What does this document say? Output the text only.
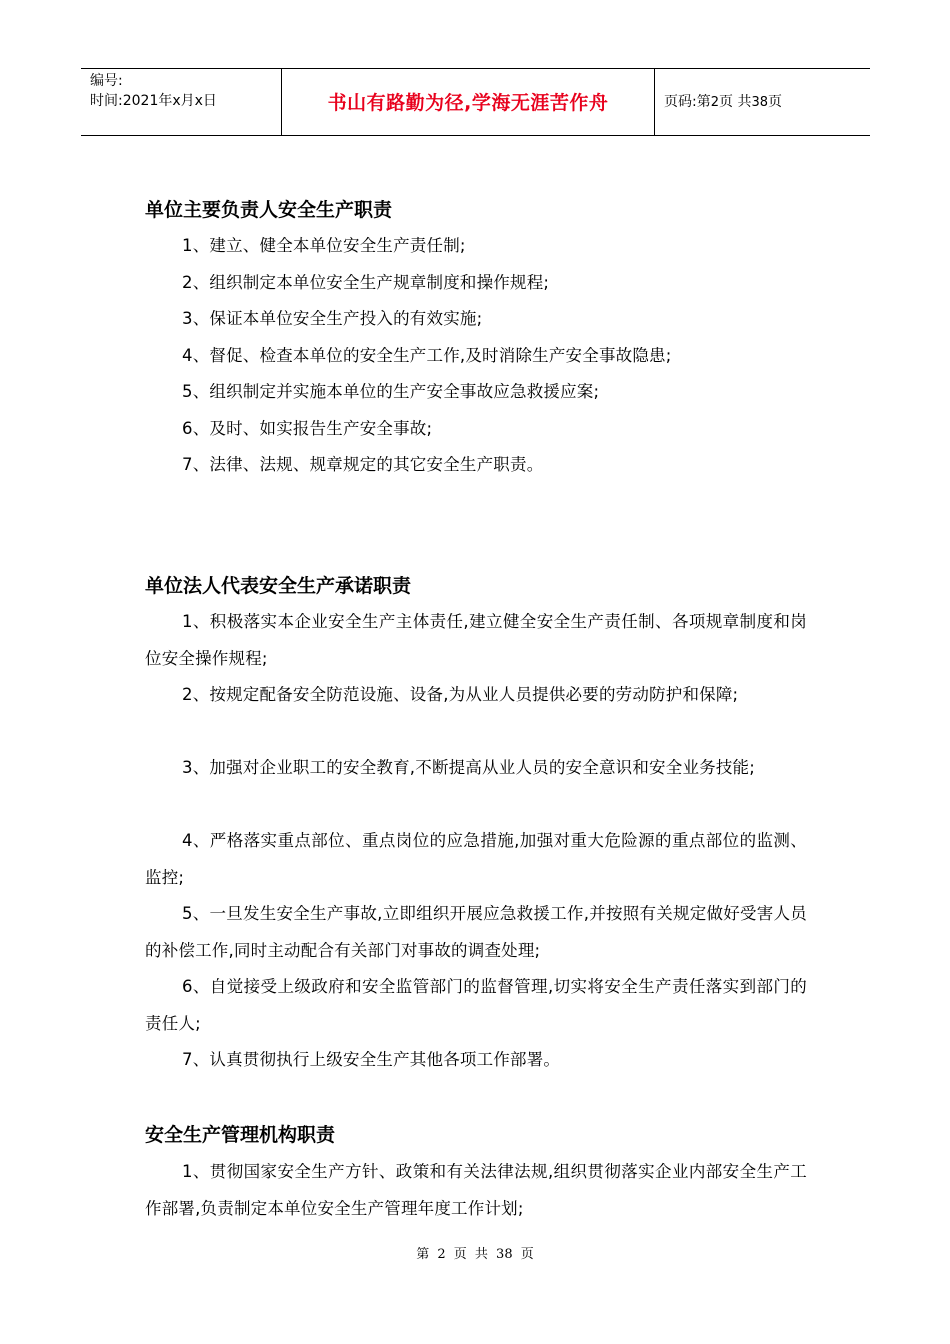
编号:
时间:2021年x月x日	书山有路勤为径,学海无涯苦作舟	页码:第2页 共38页
单位主要负责人安全生产职责
1、建立、健全本单位安全生产责任制;
2、组织制定本单位安全生产规章制度和操作规程;
3、保证本单位安全生产投入的有效实施;
4、督促、检查本单位的安全生产工作,及时消除生产安全事故隐患;
5、组织制定并实施本单位的生产安全事故应急救援应案;
6、及时、如实报告生产安全事故;
7、法律、法规、规章规定的其它安全生产职责。
单位法人代表安全生产承诺职责
1、积极落实本企业安全生产主体责任,建立健全安全生产责任制、各项规章制度和岗位安全操作规程;
2、按规定配备安全防范设施、设备,为从业人员提供必要的劳动防护和保障;
3、加强对企业职工的安全教育,不断提高从业人员的安全意识和安全业务技能;
4、严格落实重点部位、重点岗位的应急措施,加强对重大危险源的重点部位的监测、监控;
5、一旦发生安全生产事故,立即组织开展应急救援工作,并按照有关规定做好受害人员的补偿工作,同时主动配合有关部门对事故的调查处理;
6、自觉接受上级政府和安全监管部门的监督管理,切实将安全生产责任落实到部门的责任人;
7、认真贯彻执行上级安全生产其他各项工作部署。
安全生产管理机构职责
1、贯彻国家安全生产方针、政策和有关法律法规,组织贯彻落实企业内部安全生产工作部署,负责制定本单位安全生产管理年度工作计划;
第 2 页 共 38 页
